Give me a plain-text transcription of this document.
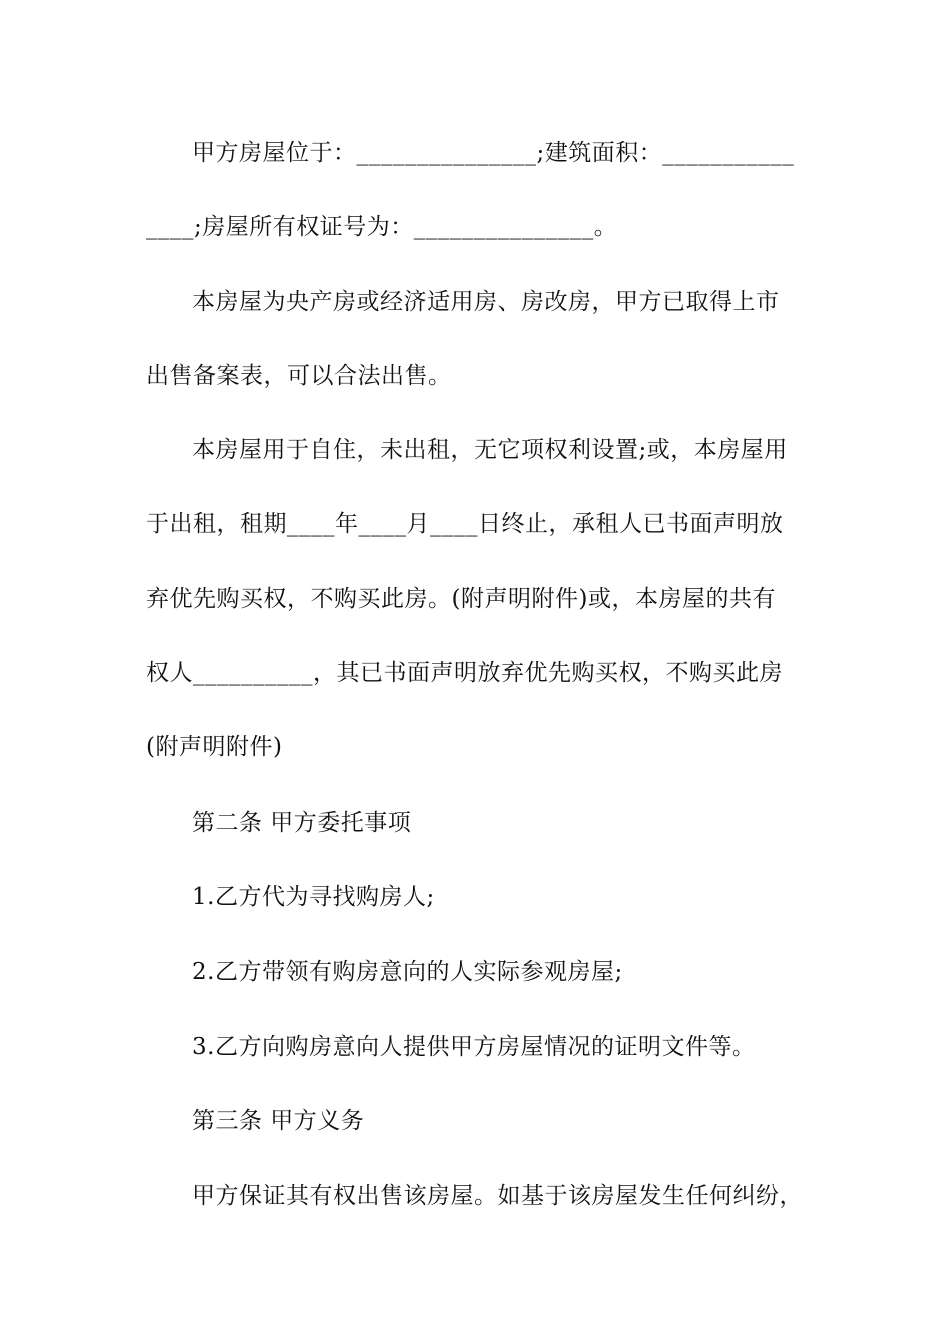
甲方房屋位于：_______________;建筑面积：___________
____;房屋所有权证号为：_______________。
本房屋为央产房或经济适用房、房改房，甲方已取得上市
出售备案表，可以合法出售。
本房屋用于自住，未出租，无它项权利设置;或，本房屋用
于出租，租期____年____月____日终止，承租人已书面声明放
弃优先购买权，不购买此房。(附声明附件)或，本房屋的共有
权人__________，其已书面声明放弃优先购买权，不购买此房
(附声明附件)
第二条 甲方委托事项
1.乙方代为寻找购房人;
2.乙方带领有购房意向的人实际参观房屋;
3.乙方向购房意向人提供甲方房屋情况的证明文件等。
第三条 甲方义务
甲方保证其有权出售该房屋。如基于该房屋发生任何纠纷，
